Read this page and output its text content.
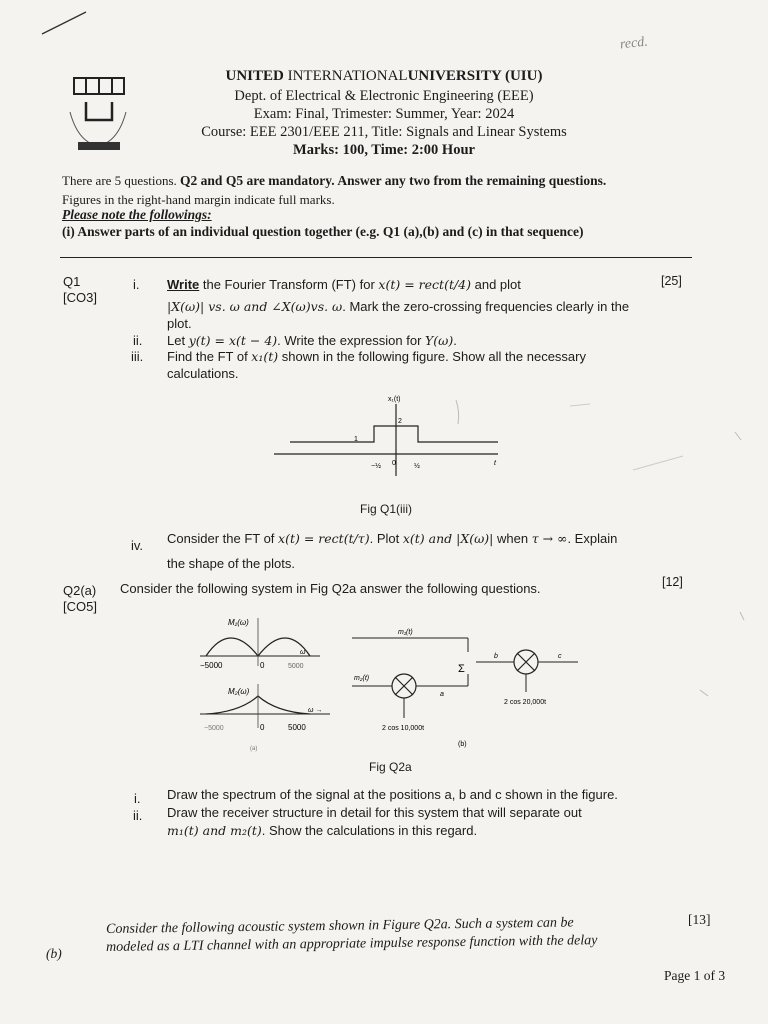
recd.
UNITED INTERNATIONALUNIVERSITY (UIU)
Dept. of Electrical & Electronic Engineering (EEE)
Exam: Final, Trimester: Summer, Year: 2024
Course: EEE 2301/EEE 211, Title: Signals and Linear Systems
Marks: 100, Time: 2:00 Hour
There are 5 questions. Q2 and Q5 are mandatory. Answer any two from the remaining questions.
Figures in the right-hand margin indicate full marks.
Please note the followings:
(i) Answer parts of an individual question together (e.g. Q1 (a),(b) and (c) in that sequence)
Q1
[CO3]
[25]
i. Write the Fourier Transform (FT) for x(t) = rect(t/4) and plot
|X(ω)| vs. ω and ∠X(ω)vs. ω. Mark the zero-crossing frequencies clearly in the
plot.
ii. Let y(t) = x(t − 4). Write the expression for Y(ω).
iii. Find the FT of x₁(t) shown in the following figure. Show all the necessary
calculations.
x₁(t)
2
1
t
−½ 0	½
Fig Q1(iii)
iv. Consider the FT of x(t) = rect(t/τ). Plot x(t) and |X(ω)| when τ → ∞. Explain
the shape of the plots.
Q2(a)
[CO5]
Consider the following system in Fig Q2a answer the following questions.	[12]
M₁(ω)
−5000	0	5000
ω
M₂(ω)
−5000	0	5000
ω →
(a)
m₁(t)
Σ
m₂(t)
2 cos 10,000t
a
b	c
2 cos 20,000t
(b)
Fig Q2a
i. Draw the spectrum of the signal at the positions a, b and c shown in the figure.
ii. Draw the receiver structure in detail for this system that will separate out
m₁(t) and m₂(t). Show the calculations in this regard.
(b)
[13]
Consider the following acoustic system shown in Figure Q2a. Such a system can be
modeled as a LTI channel with an appropriate impulse response function with the delay
Page 1 of 3
